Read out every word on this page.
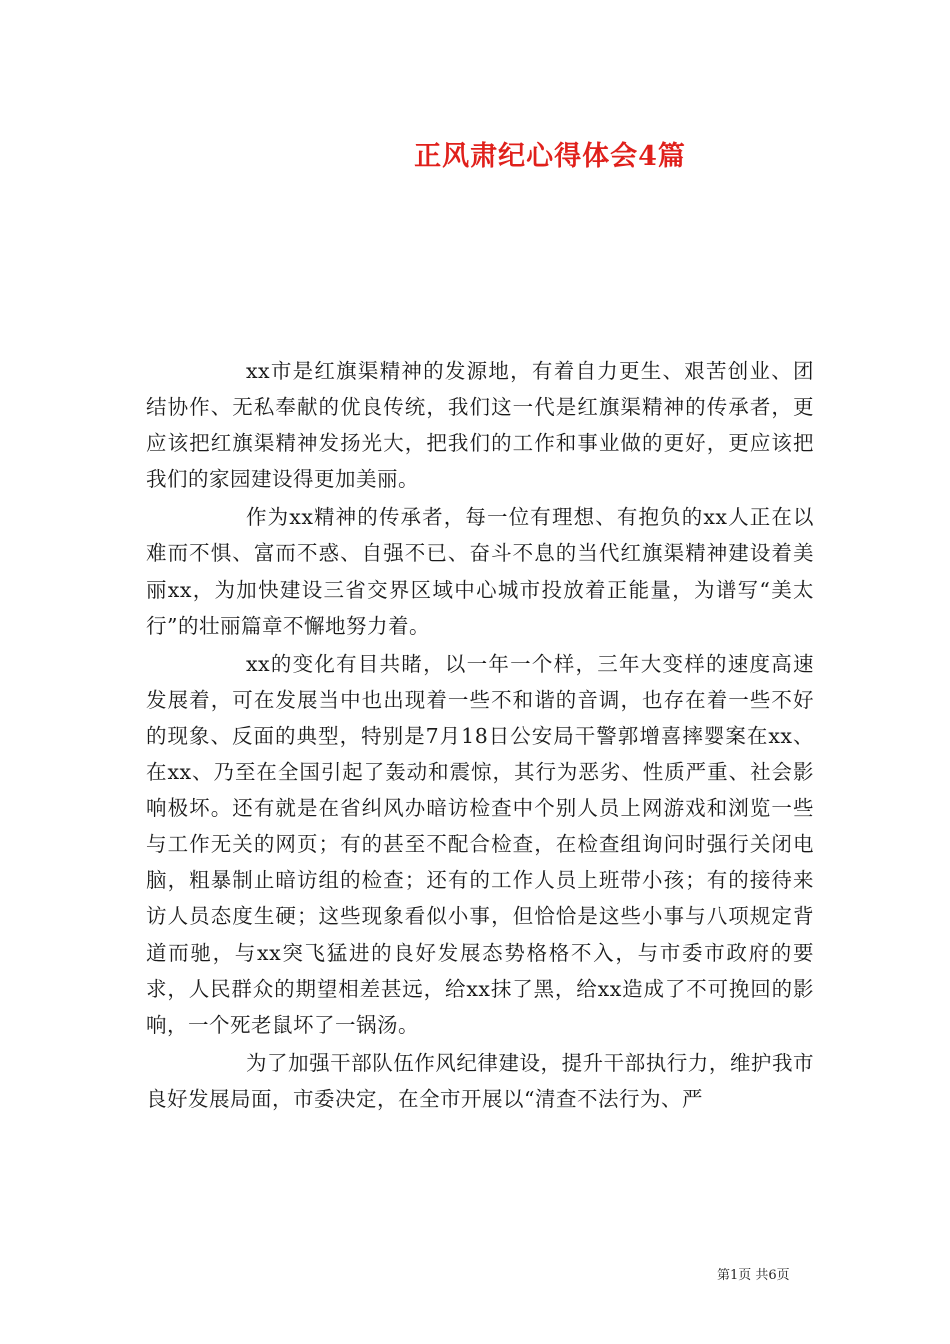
正风肃纪心得体会4篇

xx市是红旗渠精神的发源地，有着自力更生、艰苦创业、团结协作、无私奉献的优良传统，我们这一代是红旗渠精神的传承者，更应该把红旗渠精神发扬光大，把我们的工作和事业做的更好，更应该把我们的家园建设得更加美丽。

作为xx精神的传承者，每一位有理想、有抱负的xx人正在以难而不惧、富而不惑、自强不已、奋斗不息的当代红旗渠精神建设着美丽xx，为加快建设三省交界区域中心城市投放着正能量，为谱写“美太行”的壮丽篇章不懈地努力着。

xx的变化有目共睹，以一年一个样，三年大变样的速度高速发展着，可在发展当中也出现着一些不和谐的音调，也存在着一些不好的现象、反面的典型，特别是7月18日公安局干警郭增喜摔婴案在xx、在xx、乃至在全国引起了轰动和震惊，其行为恶劣、性质严重、社会影响极坏。还有就是在省纠风办暗访检查中个别人员上网游戏和浏览一些与工作无关的网页；有的甚至不配合检查，在检查组询问时强行关闭电脑，粗暴制止暗访组的检查；还有的工作人员上班带小孩；有的接待来访人员态度生硬；这些现象看似小事，但恰恰是这些小事与八项规定背道而驰，与xx突飞猛进的良好发展态势格格不入，与市委市政府的要求，人民群众的期望相差甚远，给xx抹了黑，给xx造成了不可挽回的影响，一个死老鼠坏了一锅汤。

为了加强干部队伍作风纪律建设，提升干部执行力，维护我市良好发展局面，市委决定，在全市开展以“清查不法行为、严

第1页 共6页
